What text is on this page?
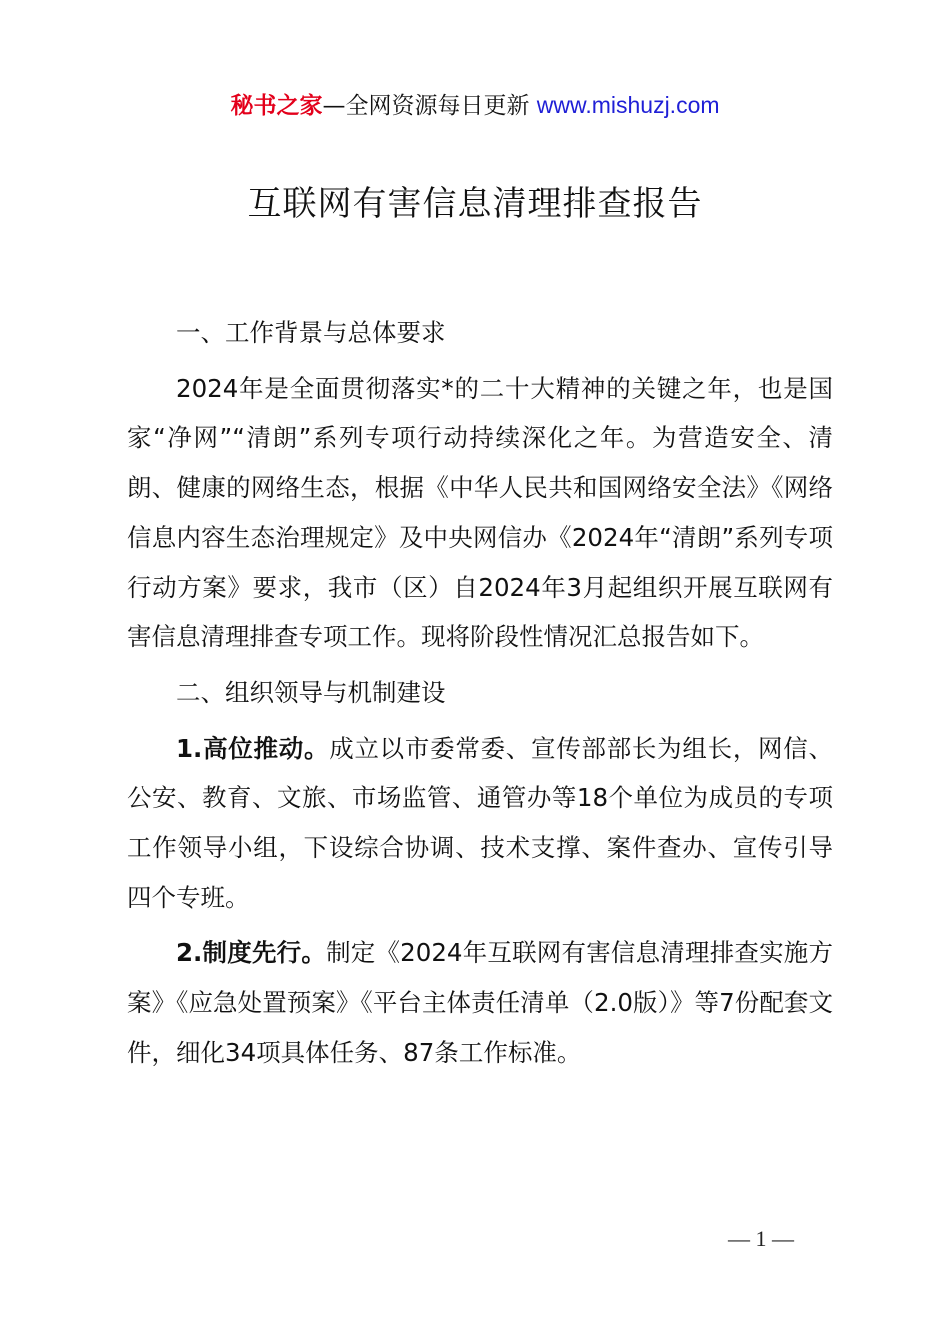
秘书之家—全网资源每日更新 www.mishuzj.com
互联网有害信息清理排查报告

一、工作背景与总体要求

2024年是全面贯彻落实*的二十大精神的关键之年，也是国家“净网”“清朗”系列专项行动持续深化之年。为营造安全、清朗、健康的网络生态，根据《中华人民共和国网络安全法》《网络信息内容生态治理规定》及中央网信办《2024年“清朗”系列专项行动方案》要求，我市（区）自2024年3月起组织开展互联网有害信息清理排查专项工作。现将阶段性情况汇总报告如下。

二、组织领导与机制建设

1.高位推动。成立以市委常委、宣传部部长为组长，网信、公安、教育、文旅、市场监管、通管办等18个单位为成员的专项工作领导小组，下设综合协调、技术支撑、案件查办、宣传引导四个专班。

2.制度先行。制定《2024年互联网有害信息清理排查实施方案》《应急处置预案》《平台主体责任清单（2.0版）》等7份配套文件，细化34项具体任务、87条工作标准。

— 1 —
